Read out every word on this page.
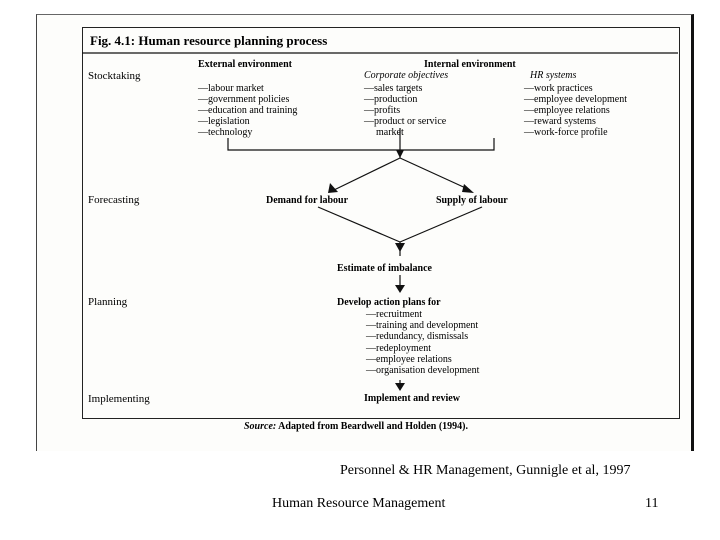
Fig. 4.1: Human resource planning process
Stocktaking
Forecasting
Planning
Implementing
External environment
—labour market
—government policies
—education and training
—legislation
—technology
Internal environment
Corporate objectives
—sales targets
—production
—profits
—product or service
market
HR systems
—work practices
—employee development
—employee relations
—reward systems
—work-force profile
Demand for labour	Supply of labour
Estimate of imbalance
Develop action plans for
—recruitment
—training and development
—redundancy, dismissals
—redeployment
—employee relations
—organisation development
Implement and review
Source: Adapted from Beardwell and Holden (1994).
Personnel & HR Management, Gunnigle et al, 1997
Human Resource Management	11
